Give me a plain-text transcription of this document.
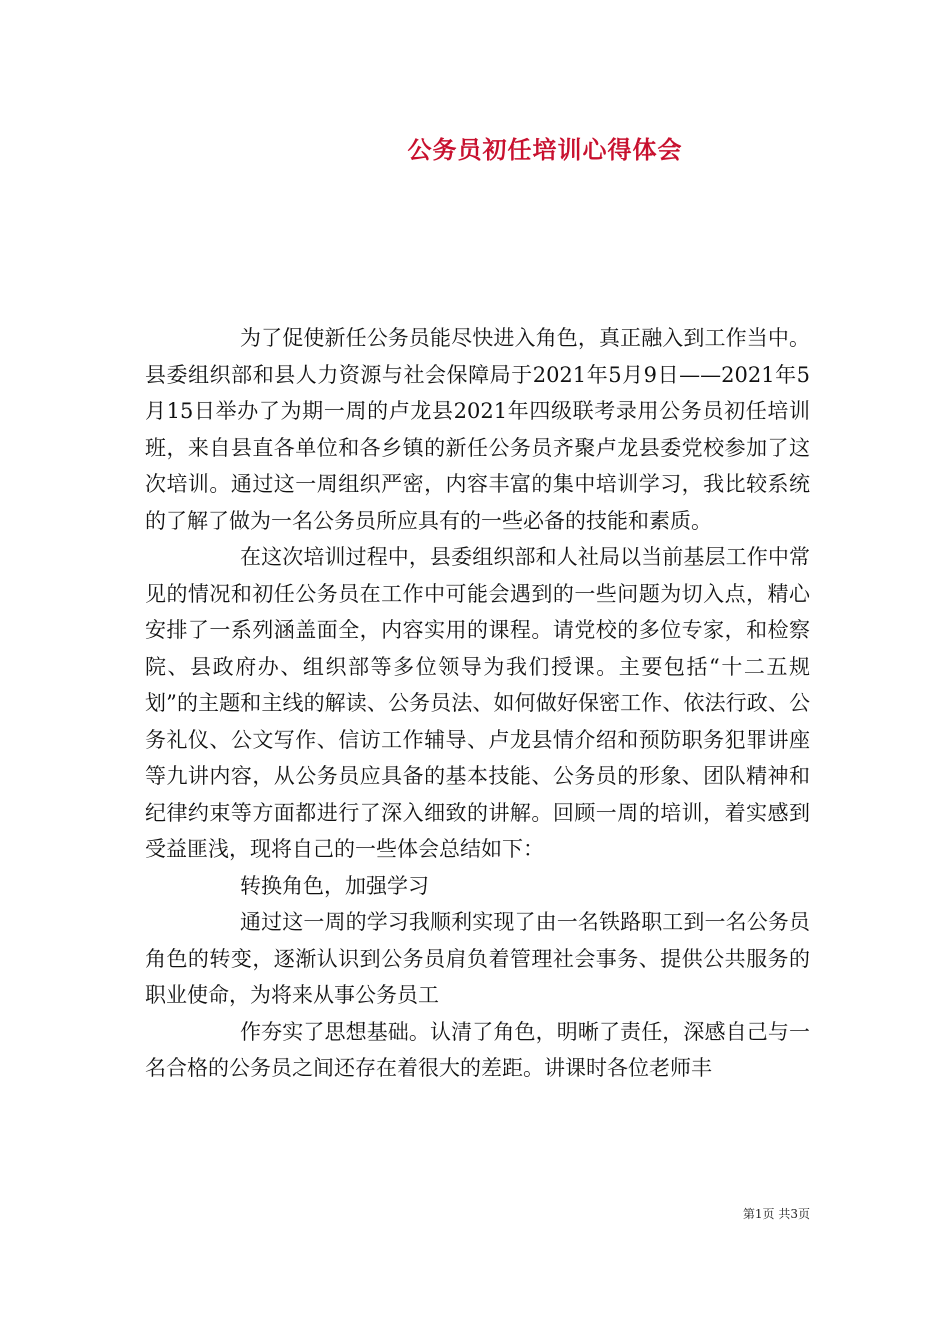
公务员初任培训心得体会

为了促使新任公务员能尽快进入角色，真正融入到工作当中。县委组织部和县人力资源与社会保障局于2021年5月9日——2021年5月15日举办了为期一周的卢龙县2021年四级联考录用公务员初任培训班，来自县直各单位和各乡镇的新任公务员齐聚卢龙县委党校参加了这次培训。通过这一周组织严密，内容丰富的集中培训学习，我比较系统的了解了做为一名公务员所应具有的一些必备的技能和素质。

在这次培训过程中，县委组织部和人社局以当前基层工作中常见的情况和初任公务员在工作中可能会遇到的一些问题为切入点，精心安排了一系列涵盖面全，内容实用的课程。请党校的多位专家，和检察院、县政府办、组织部等多位领导为我们授课。主要包括“十二五规划”的主题和主线的解读、公务员法、如何做好保密工作、依法行政、公务礼仪、公文写作、信访工作辅导、卢龙县情介绍和预防职务犯罪讲座等九讲内容，从公务员应具备的基本技能、公务员的形象、团队精神和纪律约束等方面都进行了深入细致的讲解。回顾一周的培训，着实感到受益匪浅，现将自己的一些体会总结如下：

转换角色，加强学习

通过这一周的学习我顺利实现了由一名铁路职工到一名公务员角色的转变，逐渐认识到公务员肩负着管理社会事务、提供公共服务的职业使命，为将来从事公务员工

作夯实了思想基础。认清了角色，明晰了责任，深感自己与一名合格的公务员之间还存在着很大的差距。讲课时各位老师丰

第1页 共3页
